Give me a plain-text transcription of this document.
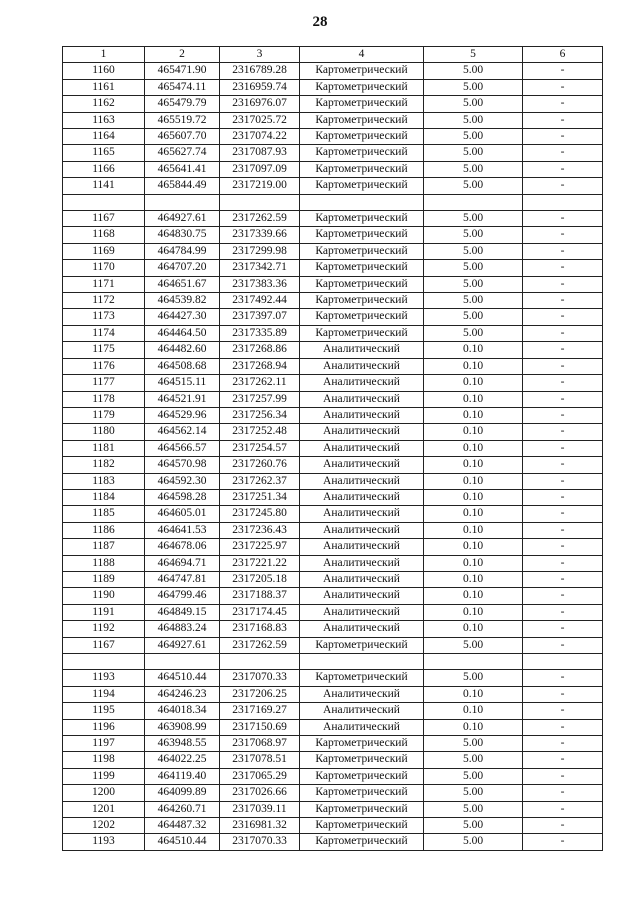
28
1	2	3	4	5	6
1160	465471.90	2316789.28	Картометрический	5.00	-
1161	465474.11	2316959.74	Картометрический	5.00	-
1162	465479.79	2316976.07	Картометрический	5.00	-
1163	465519.72	2317025.72	Картометрический	5.00	-
1164	465607.70	2317074.22	Картометрический	5.00	-
1165	465627.74	2317087.93	Картометрический	5.00	-
1166	465641.41	2317097.09	Картометрический	5.00	-
1141	465844.49	2317219.00	Картометрический	5.00	-

1167	464927.61	2317262.59	Картометрический	5.00	-
1168	464830.75	2317339.66	Картометрический	5.00	-
1169	464784.99	2317299.98	Картометрический	5.00	-
1170	464707.20	2317342.71	Картометрический	5.00	-
1171	464651.67	2317383.36	Картометрический	5.00	-
1172	464539.82	2317492.44	Картометрический	5.00	-
1173	464427.30	2317397.07	Картометрический	5.00	-
1174	464464.50	2317335.89	Картометрический	5.00	-
1175	464482.60	2317268.86	Аналитический	0.10	-
1176	464508.68	2317268.94	Аналитический	0.10	-
1177	464515.11	2317262.11	Аналитический	0.10	-
1178	464521.91	2317257.99	Аналитический	0.10	-
1179	464529.96	2317256.34	Аналитический	0.10	-
1180	464562.14	2317252.48	Аналитический	0.10	-
1181	464566.57	2317254.57	Аналитический	0.10	-
1182	464570.98	2317260.76	Аналитический	0.10	-
1183	464592.30	2317262.37	Аналитический	0.10	-
1184	464598.28	2317251.34	Аналитический	0.10	-
1185	464605.01	2317245.80	Аналитический	0.10	-
1186	464641.53	2317236.43	Аналитический	0.10	-
1187	464678.06	2317225.97	Аналитический	0.10	-
1188	464694.71	2317221.22	Аналитический	0.10	-
1189	464747.81	2317205.18	Аналитический	0.10	-
1190	464799.46	2317188.37	Аналитический	0.10	-
1191	464849.15	2317174.45	Аналитический	0.10	-
1192	464883.24	2317168.83	Аналитический	0.10	-
1167	464927.61	2317262.59	Картометрический	5.00	-

1193	464510.44	2317070.33	Картометрический	5.00	-
1194	464246.23	2317206.25	Аналитический	0.10	-
1195	464018.34	2317169.27	Аналитический	0.10	-
1196	463908.99	2317150.69	Аналитический	0.10	-
1197	463948.55	2317068.97	Картометрический	5.00	-
1198	464022.25	2317078.51	Картометрический	5.00	-
1199	464119.40	2317065.29	Картометрический	5.00	-
1200	464099.89	2317026.66	Картометрический	5.00	-
1201	464260.71	2317039.11	Картометрический	5.00	-
1202	464487.32	2316981.32	Картометрический	5.00	-
1193	464510.44	2317070.33	Картометрический	5.00	-
